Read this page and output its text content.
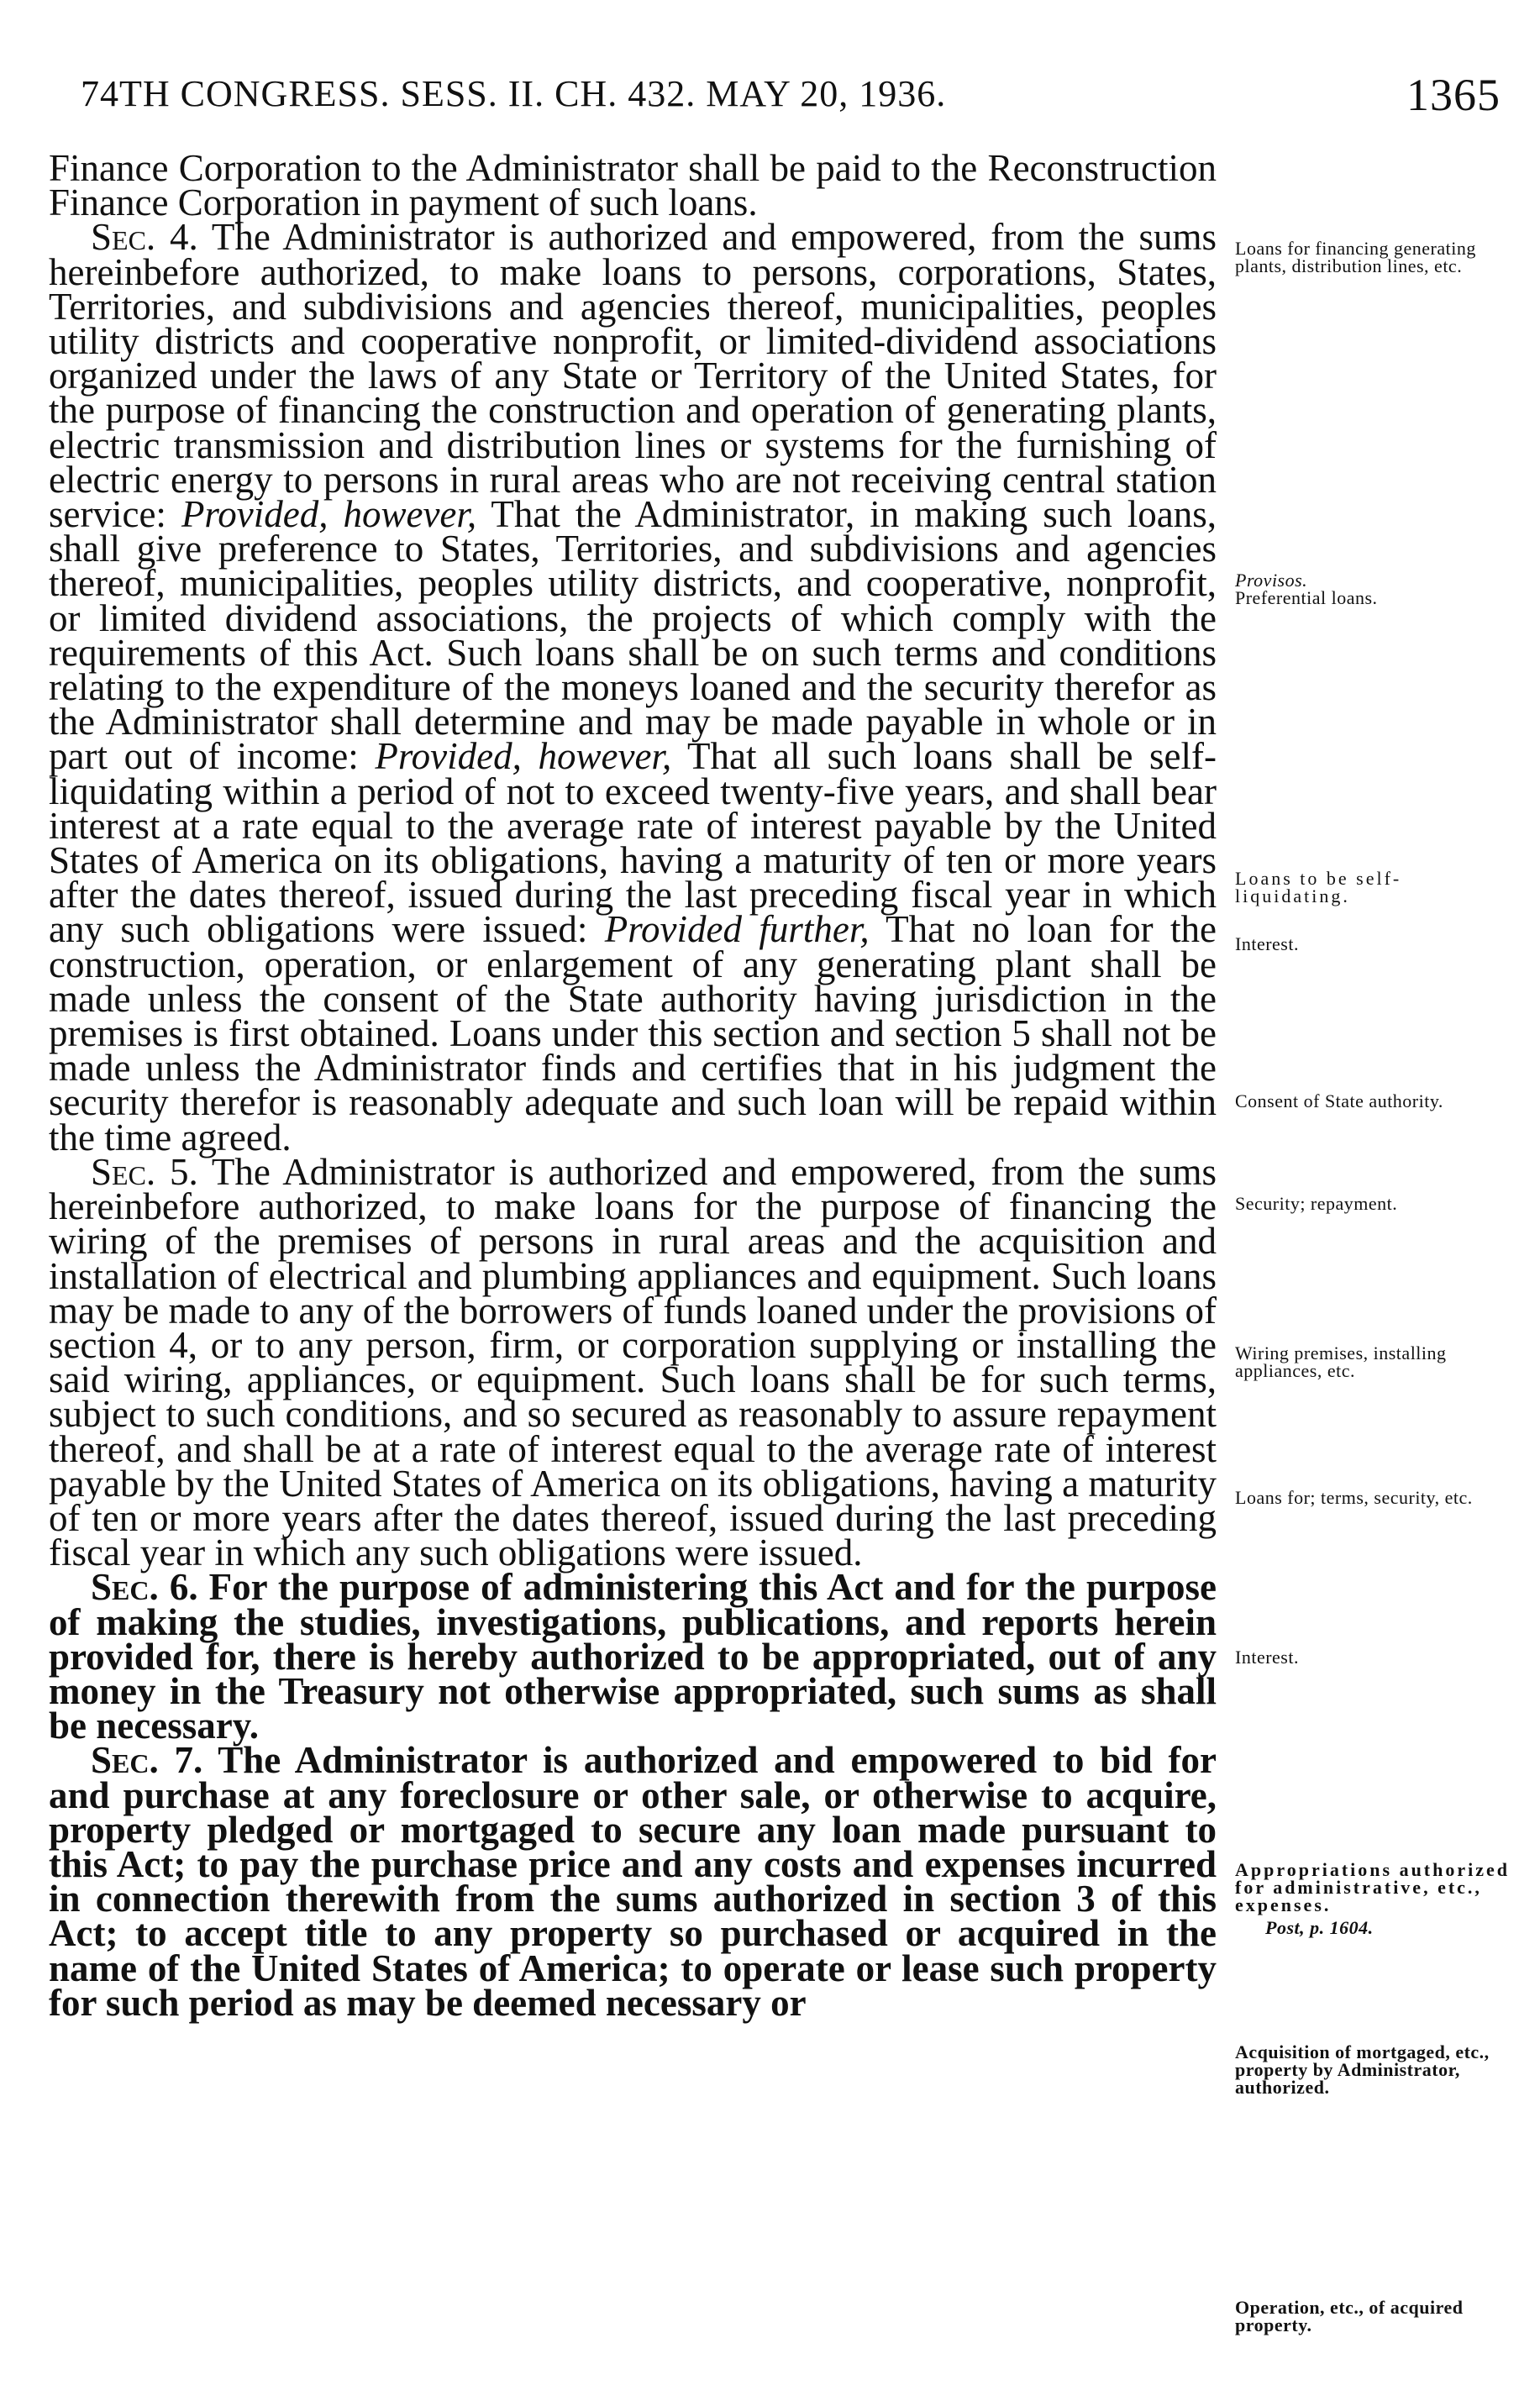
74TH CONGRESS. SESS. II. CH. 432. MAY 20, 1936.	1365

Finance Corporation to the Administrator shall be paid to the Reconstruction Finance Corporation in payment of such loans.

Sec. 4. The Administrator is authorized and empowered, from the sums hereinbefore authorized, to make loans to persons, corporations, States, Territories, and subdivisions and agencies thereof, municipalities, peoples utility districts and cooperative nonprofit, or limited-dividend associations organized under the laws of any State or Territory of the United States, for the purpose of financing the construction and operation of generating plants, electric transmission and distribution lines or systems for the furnishing of electric energy to persons in rural areas who are not receiving central station service: Provided, however, That the Administrator, in making such loans, shall give preference to States, Territories, and subdivisions and agencies thereof, municipalities, peoples utility districts, and cooperative, nonprofit, or limited dividend associations, the projects of which comply with the requirements of this Act. Such loans shall be on such terms and conditions relating to the expenditure of the moneys loaned and the security therefor as the Administrator shall determine and may be made payable in whole or in part out of income: Provided, however, That all such loans shall be self-liquidating within a period of not to exceed twenty-five years, and shall bear interest at a rate equal to the average rate of interest payable by the United States of America on its obligations, having a maturity of ten or more years after the dates thereof, issued during the last preceding fiscal year in which any such obligations were issued: Provided further, That no loan for the construction, operation, or enlargement of any generating plant shall be made unless the consent of the State authority having jurisdiction in the premises is first obtained. Loans under this section and section 5 shall not be made unless the Administrator finds and certifies that in his judgment the security therefor is reasonably adequate and such loan will be repaid within the time agreed.

Sec. 5. The Administrator is authorized and empowered, from the sums hereinbefore authorized, to make loans for the purpose of financing the wiring of the premises of persons in rural areas and the acquisition and installation of electrical and plumbing appliances and equipment. Such loans may be made to any of the borrowers of funds loaned under the provisions of section 4, or to any person, firm, or corporation supplying or installing the said wiring, appliances, or equipment. Such loans shall be for such terms, subject to such conditions, and so secured as reasonably to assure repayment thereof, and shall be at a rate of interest equal to the average rate of interest payable by the United States of America on its obligations, having a maturity of ten or more years after the dates thereof, issued during the last preceding fiscal year in which any such obligations were issued.

Sec. 6. For the purpose of administering this Act and for the purpose of making the studies, investigations, publications, and reports herein provided for, there is hereby authorized to be appropriated, out of any money in the Treasury not otherwise appropriated, such sums as shall be necessary.

Sec. 7. The Administrator is authorized and empowered to bid for and purchase at any foreclosure or other sale, or otherwise to acquire, property pledged or mortgaged to secure any loan made pursuant to this Act; to pay the purchase price and any costs and expenses incurred in connection therewith from the sums authorized in section 3 of this Act; to accept title to any property so purchased or acquired in the name of the United States of America; to operate or lease such property for such period as may be deemed necessary or

Loans for financing generating plants, distribution lines, etc.

Provisos.

Preferential loans.

Loans to be self-liquidating.

Interest.

Consent of State authority.

Security; repayment.

Wiring premises, installing appliances, etc.

Loans for; terms, security, etc.

Interest.

Appropriations authorized for administrative, etc., expenses.

Post, p. 1604.

Acquisition of mortgaged, etc., property by Administrator, authorized.

Operation, etc., of acquired property.
